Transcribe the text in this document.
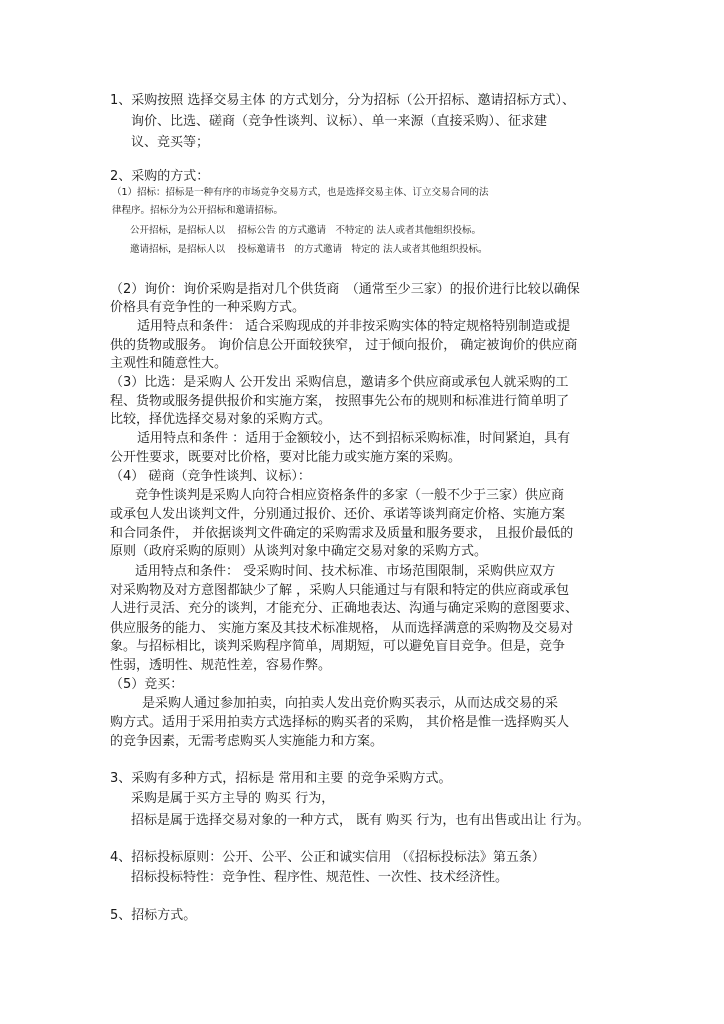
1、采购按照 选择交易主体 的方式划分，分为招标（公开招标、邀请招标方式）、
询价、比选、磋商（竞争性谈判、议标）、单一来源（直接采购）、征求建
议、竞买等；
2、采购的方式：
（1）招标：招标是一种有序的市场竞争交易方式，也是选择交易主体、订立交易合同的法
律程序。招标分为公开招标和邀请招标。
公开招标，是招标人以　 招标公告 的方式邀请　不特定的 法人或者其他组织投标。
邀请招标，是招标人以　 投标邀请书　的方式邀请　特定的 法人或者其他组织投标。
（2）询价：询价采购是指对几个供货商　（通常至少三家）的报价进行比较以确保
价格具有竞争性的一种采购方式。
适用特点和条件： 适合采购现成的并非按采购实体的特定规格特别制造或提
供的货物或服务。 询价信息公开面较狭窄， 过于倾向报价， 确定被询价的供应商
主观性和随意性大。
（3）比选：是采购人 公开发出 采购信息，邀请多个供应商或承包人就采购的工
程、货物或服务提供报价和实施方案， 按照事先公布的规则和标准进行简单明了
比较，择优选择交易对象的采购方式。
适用特点和条件 ：适用于金额较小，达不到招标采购标准，时间紧迫，具有
公开性要求，既要对比价格，要对比能力或实施方案的采购。
（4） 磋商（竞争性谈判、议标）：
竞争性谈判是采购人向符合相应资格条件的多家（一般不少于三家）供应商
或承包人发出谈判文件，分别通过报价、还价、承诺等谈判商定价格、实施方案
和合同条件， 并依据谈判文件确定的采购需求及质量和服务要求， 且报价最低的
原则（政府采购的原则）从谈判对象中确定交易对象的采购方式。
适用特点和条件： 受采购时间、技术标准、市场范围限制，采购供应双方
对采购物及对方意图都缺少了解 ，采购人只能通过与有限和特定的供应商或承包
人进行灵活、充分的谈判，才能充分、正确地表达、沟通与确定采购的意图要求、
供应服务的能力、 实施方案及其技术标准规格， 从而选择满意的采购物及交易对
象。与招标相比，谈判采购程序简单，周期短，可以避免盲目竞争。但是，竞争
性弱，透明性、规范性差，容易作弊。
（5）竞买：
是采购人通过参加拍卖，向拍卖人发出竞价购买表示，从而达成交易的采
购方式。适用于采用拍卖方式选择标的购买者的采购， 其价格是惟一选择购买人
的竞争因素，无需考虑购买人实施能力和方案。
3、采购有多种方式，招标是 常用和主要 的竞争采购方式。
采购是属于买方主导的 购买 行为，
招标是属于选择交易对象的一种方式， 既有 购买 行为，也有出售或出让 行为。
4、招标投标原则：公开、公平、公正和诚实信用 （《招标投标法》第五条）
招标投标特性：竞争性、程序性、规范性、一次性、技术经济性。
5、招标方式。
